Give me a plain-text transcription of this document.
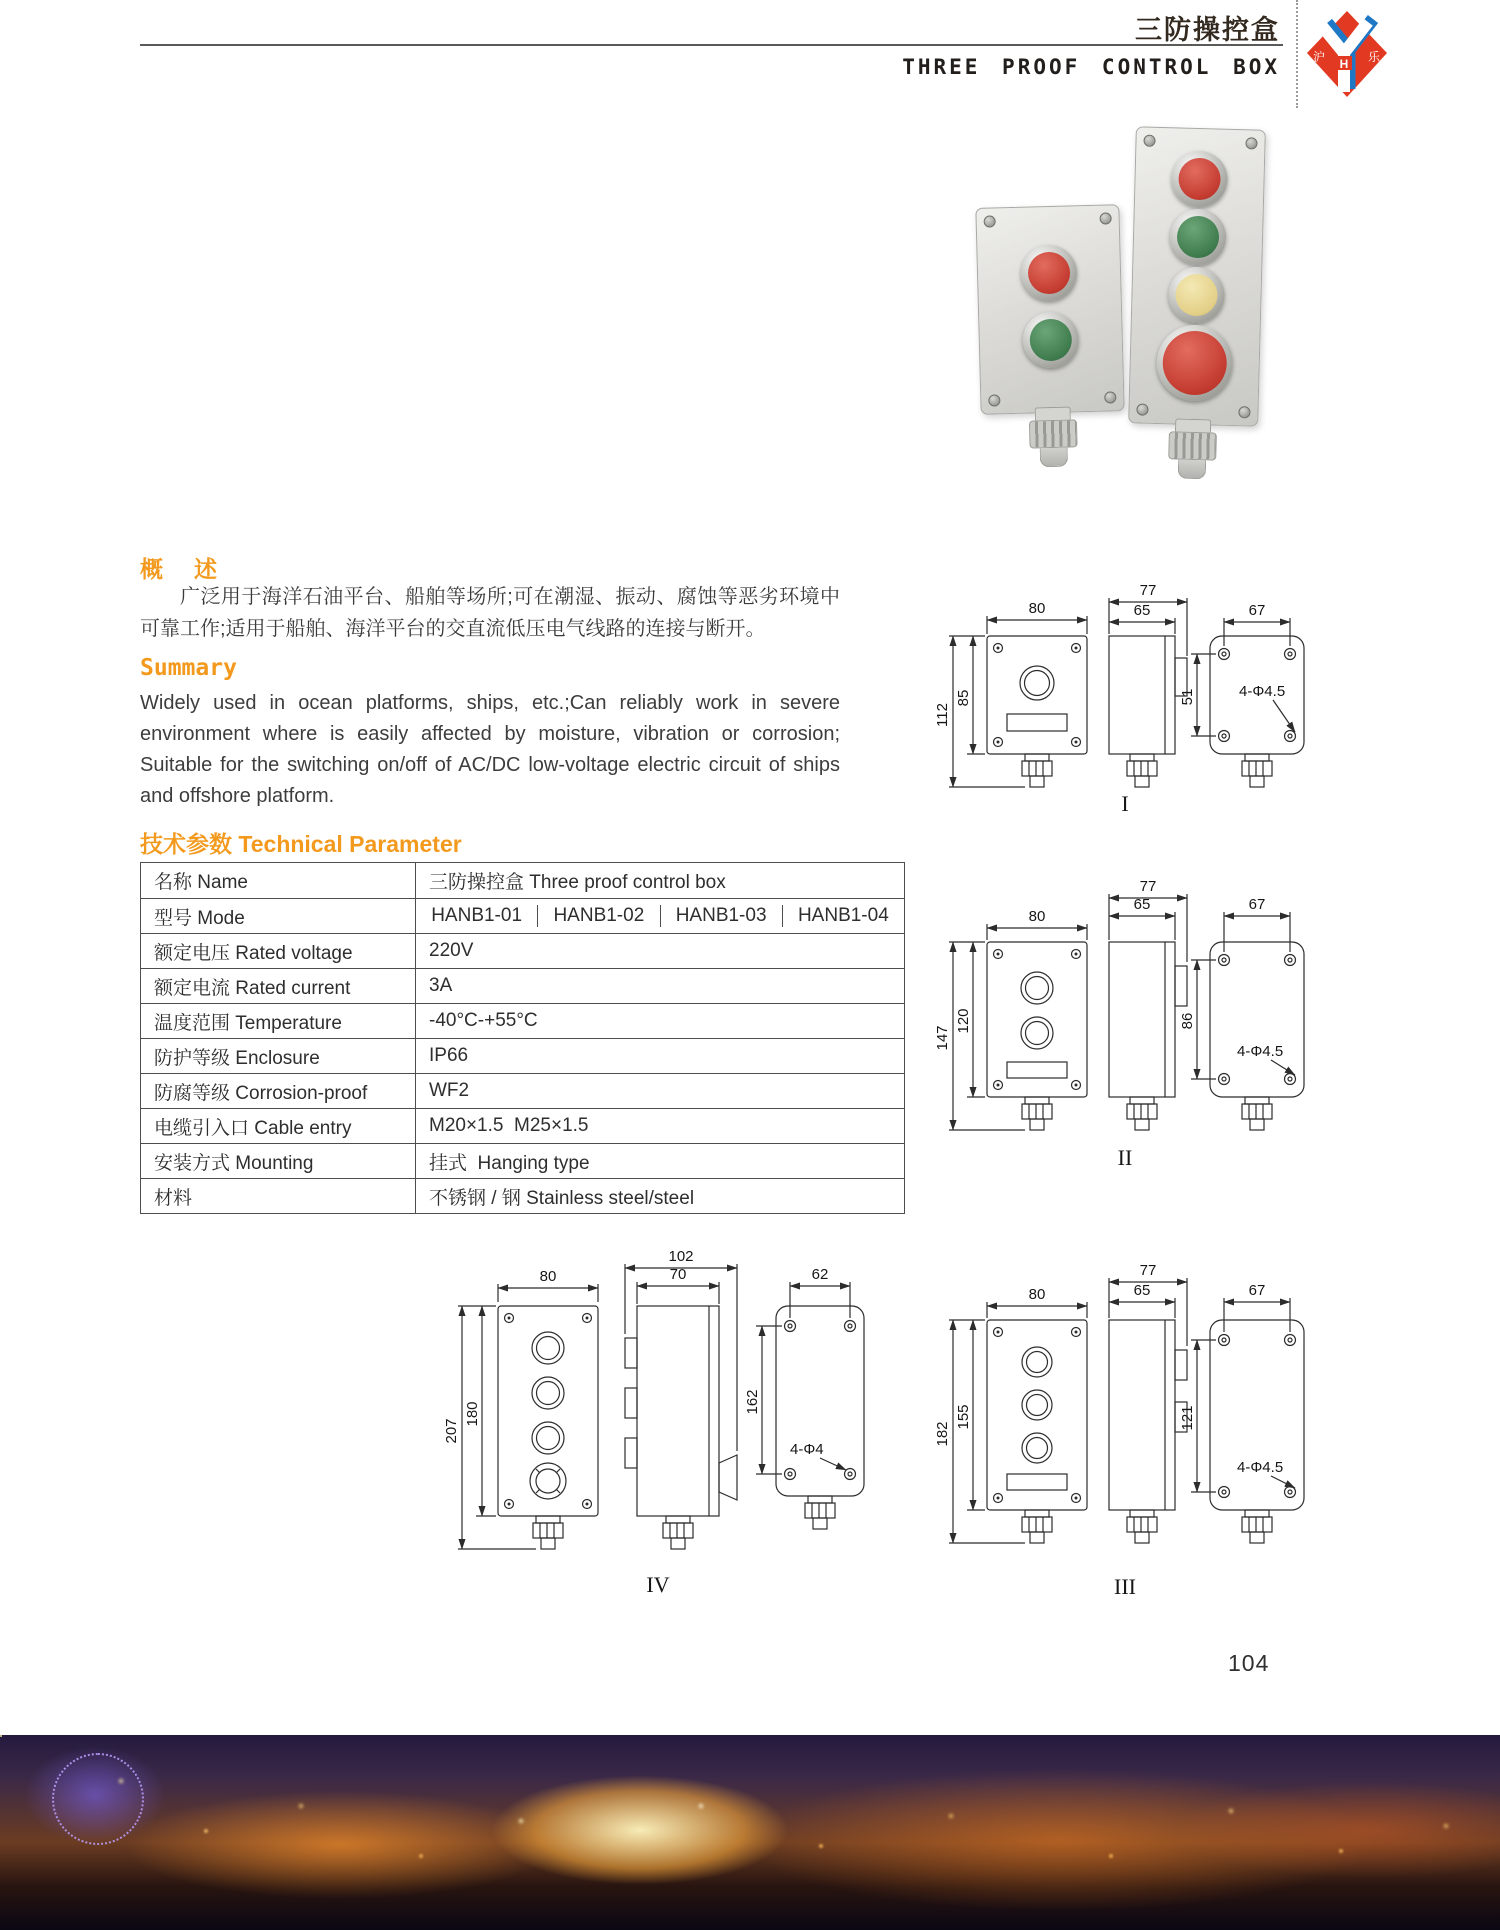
三防操控盒
THREE PROOF CONTROL BOX	H
沪	乐
概　述
广泛用于海洋石油平台、船舶等场所;可在潮湿、振动、腐蚀等恶劣环境中可靠工作;适用于船舶、海洋平台的交直流低压电气线路的连接与断开。
Summary
Widely used in ocean platforms, ships, etc.;Can reliably work in severe environment where is easily affected by moisture, vibration or corrosion; Suitable for the switching on/off of AC/DC low-voltage electric circuit of ships and offshore platform.
技术参数 Technical Parameter
名称 Name	三防操控盒 Three proof control box
型号 Mode	HANB1-01	HANB1-02	HANB1-03	HANB1-04
额定电压 Rated voltage	220V
额定电流 Rated current	3A
温度范围 Temperature	-40°C-+55°C
防护等级 Enclosure	IP66
防腐等级 Corrosion-proof	WF2
电缆引入口 Cable entry	M20×1.5  M25×1.5
安装方式 Mounting	挂式  Hanging type
材料	不锈钢 / 钢 Stainless steel/steel
80
112
85
77
65	67
51	4-Φ4.5
I
80
147
120
77
65	67
86
4-Φ4.5
II
80
182
155
77
65	67
121
4-Φ4.5
III
80
207
180
102
70	62
162
4-Φ4
IV
104
